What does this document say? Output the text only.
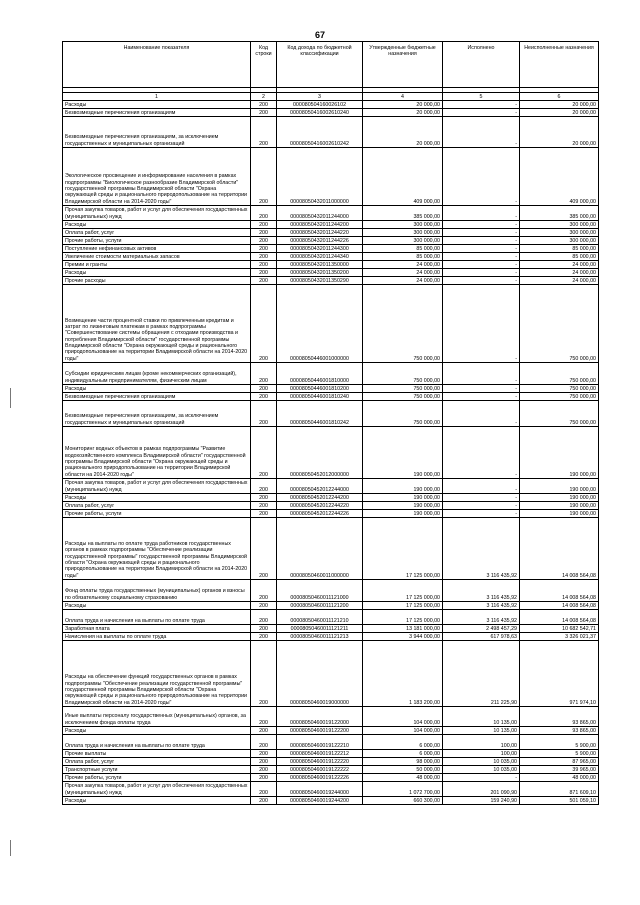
67
Наименование показателя	Код строки	Код дохода по бюджетной классификации	Утвержденные бюджетные назначения	Исполнено	Неисполненные назначения

1	2	3	4	5	6
Расходы	200	000080504160026102	20 000,00	-	20 000,00
Безвозмездные перечисления организациям	200	00008050416002610240	20 000,00	-	20 000,00
Безвозмездные перечисления организациям, за исключением государственных и муниципальных организаций	200	00008050416002610242	20 000,00	-	20 000,00
Экологическое просвещение и информирование населения в рамках подпрограммы "Биологическое разнообразие Владимирской области" государственной программы Владимирской области "Охрана окружающей среды и рационального природопользование на территории Владимирской области на 2014-2020 годы"	200	00008050432011000000	409 000,00	-	409 000,00
Прочая закупка товаров, работ и услуг для обеспечения государственных (муниципальных) нужд	200	00008050432011244000	385 000,00	-	385 000,00
Расходы	200	00008050432011244200	300 000,00	-	300 000,00
Оплата работ, услуг	200	00008050432011244220	300 000,00	-	300 000,00
Прочие работы, услуги	200	00008050432011244226	300 000,00	-	300 000,00
Поступление нефинансовых активов	200	00008050432011244300	85 000,00	-	85 000,00
Увеличение стоимости материальных запасов	200	00008050432011244340	85 000,00	-	85 000,00
Премии и гранты	200	00008050432011350000	24 000,00	-	24 000,00
Расходы	200	00008050432011350200	24 000,00	-	24 000,00
Прочие расходы	200	00008050432011350290	24 000,00	-	24 000,00
Возмещение части процентной ставки по привлеченным кредитам и затрат по лизинговым платежам в рамках подпрограммы "Совершенствование системы обращения с отходами производства и потребления Владимирской области" государственной программы Владимирской области "Охрана окружающей среды и рационального природопользование на территории Владимирской области на 2014-2020 годы"	200	00008050446001000000	750 000,00	-	750 000,00
Субсидии юридическим лицам (кроме некоммерческих организаций), индивидуальным предпринимателям, физическим лицам	200	00008050446001810000	750 000,00	-	750 000,00
Расходы	200	00008050446001810200	750 000,00	-	750 000,00
Безвозмездные перечисления организациям	200	00008050446001810240	750 000,00	-	750 000,00
Безвозмездные перечисления организациям, за исключением государственных и муниципальных организаций	200	00008050446001810242	750 000,00	-	750 000,00
Мониторинг водных объектов в рамках подпрограммы "Развитие водохозяйственного комплекса Владимирской области" государственной программы Владимирской области "Охрана окружающей среды и рационального природопользование на территории Владимирской области на 2014-2020 годы"	200	00008050452012000000	190 000,00	-	190 000,00
Прочая закупка товаров, работ и услуг для обеспечения государственных (муниципальных) нужд	200	00008050452012244000	190 000,00	-	190 000,00
Расходы	200	00008050452012244200	190 000,00	-	190 000,00
Оплата работ, услуг	200	00008050452012244220	190 000,00	-	190 000,00
Прочие работы, услуги	200	00008050452012244226	190 000,00	-	190 000,00
Расходы на выплаты по оплате труда работников государственных органов в рамках подпрограммы "Обеспечение реализации государственной программы" государственной программы Владимирской области "Охрана окружающей среды и рационального природопользование на территории Владимирской области на 2014-2020 годы"	200	00008050460011000000	17 125 000,00	3 116 435,92	14 008 564,08
Фонд оплаты труда государственных (муниципальных) органов и взносы по обязательному социальному страхованию	200	00008050460011121000	17 125 000,00	3 116 435,92	14 008 564,08
Расходы	200	00008050460011121200	17 125 000,00	3 116 435,92	14 008 564,08
Оплата труда и начисления на выплаты по оплате труда	200	00008050460011121210	17 125 000,00	3 116 435,92	14 008 564,08
Заработная плата	200	00008050460011121211	13 181 000,00	2 498 457,29	10 682 542,71
Начисления на выплаты по оплате труда	200	00008050460011121213	3 944 000,00	617 978,63	3 326 021,37
Расходы на обеспечение функций государственных органов в рамках подпрограммы "Обеспечение реализации государственной программы" государственной программы Владимирской области "Охрана окружающей среды и рационального природопользование на территории Владимирской области на 2014-2020 годы"	200	00008050460019000000	1 183 200,00	211 225,90	971 974,10
Иные выплаты персоналу государственных (муниципальных) органов, за исключением фонда оплаты труда	200	00008050460019122000	104 000,00	10 135,00	93 865,00
Расходы	200	00008050460019122200	104 000,00	10 135,00	93 865,00
Оплата труда и начисления на выплаты по оплате труда	200	00008050460019122210	6 000,00	100,00	5 900,00
Прочие выплаты	200	00008050460019122212	6 000,00	100,00	5 900,00
Оплата работ, услуг	200	00008050460019122220	98 000,00	10 035,00	87 965,00
Транспортные услуги	200	00008050460019122222	50 000,00	10 035,00	39 965,00
Прочие работы, услуги	200	00008050460019122226	48 000,00	-	48 000,00
Прочая закупка товаров, работ и услуг для обеспечения государственных (муниципальных) нужд	200	00008050460019244000	1 072 700,00	201 090,90	871 609,10
Расходы	200	00008050460019244200	660 300,00	159 240,90	501 059,10
